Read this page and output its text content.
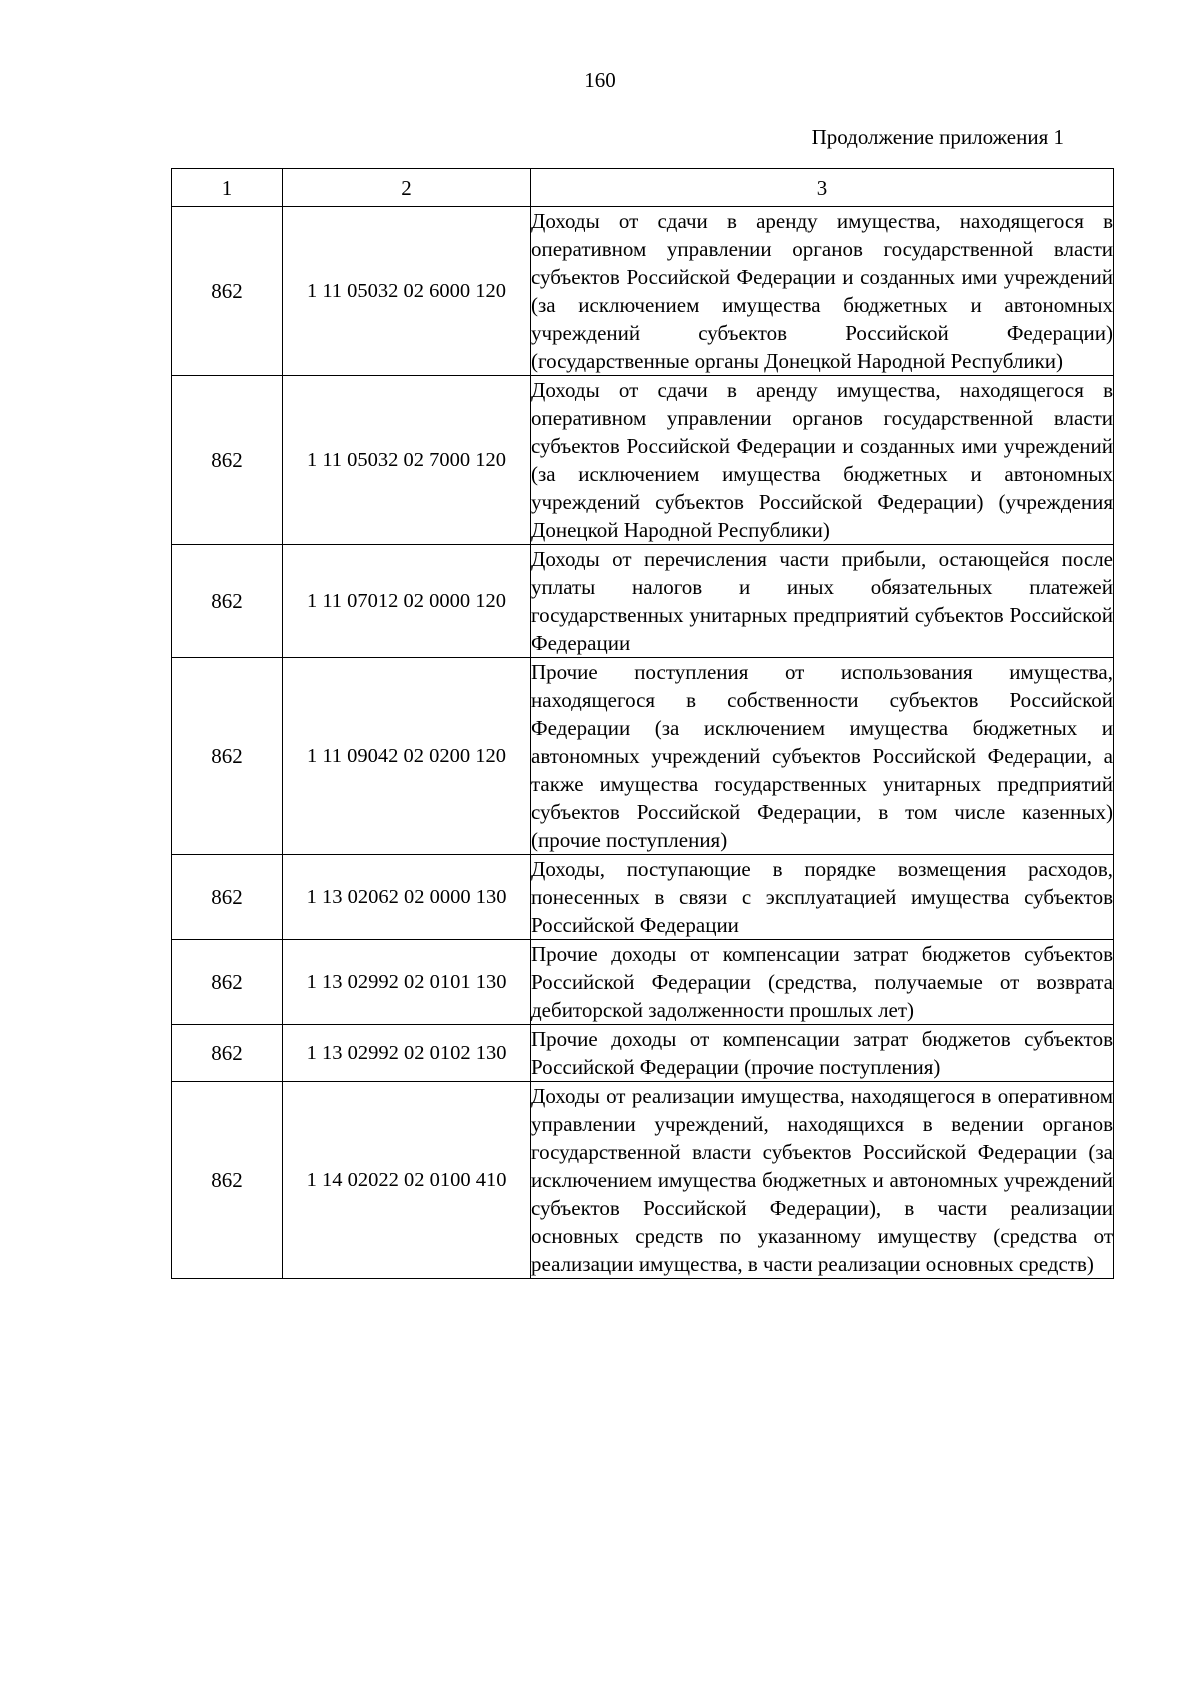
160
Продолжение приложения 1
1	2	3
862	1 11 05032 02 6000 120	Доходы от сдачи в аренду имущества, находящегося в оперативном управлении органов государственной власти субъектов Российской Федерации и созданных ими учреждений (за исключением имущества бюджетных и автономных учреждений субъектов Российской Федерации) (государственные органы Донецкой Народной Республики)
862	1 11 05032 02 7000 120	Доходы от сдачи в аренду имущества, находящегося в оперативном управлении органов государственной власти субъектов Российской Федерации и созданных ими учреждений (за исключением имущества бюджетных и автономных учреждений субъектов Российской Федерации) (учреждения Донецкой Народной Республики)
862	1 11 07012 02 0000 120	Доходы от перечисления части прибыли, остающейся после уплаты налогов и иных обязательных платежей государственных унитарных предприятий субъектов Российской Федерации
862	1 11 09042 02 0200 120	Прочие поступления от использования имущества, находящегося в собственности субъектов Российской Федерации (за исключением имущества бюджетных и автономных учреждений субъектов Российской Федерации, а также имущества государственных унитарных предприятий субъектов Российской Федерации, в том числе казенных) (прочие поступления)
862	1 13 02062 02 0000 130	Доходы, поступающие в порядке возмещения расходов, понесенных в связи с эксплуатацией имущества субъектов Российской Федерации
862	1 13 02992 02 0101 130	Прочие доходы от компенсации затрат бюджетов субъектов Российской Федерации (средства, получаемые от возврата дебиторской задолженности прошлых лет)
862	1 13 02992 02 0102 130	Прочие доходы от компенсации затрат бюджетов субъектов Российской Федерации (прочие поступления)
862	1 14 02022 02 0100 410	Доходы от реализации имущества, находящегося в оперативном управлении учреждений, находящихся в ведении органов государственной власти субъектов Российской Федерации (за исключением имущества бюджетных и автономных учреждений субъектов Российской Федерации), в части реализации основных средств по указанному имуществу (средства от реализации имущества, в части реализации основных средств)
